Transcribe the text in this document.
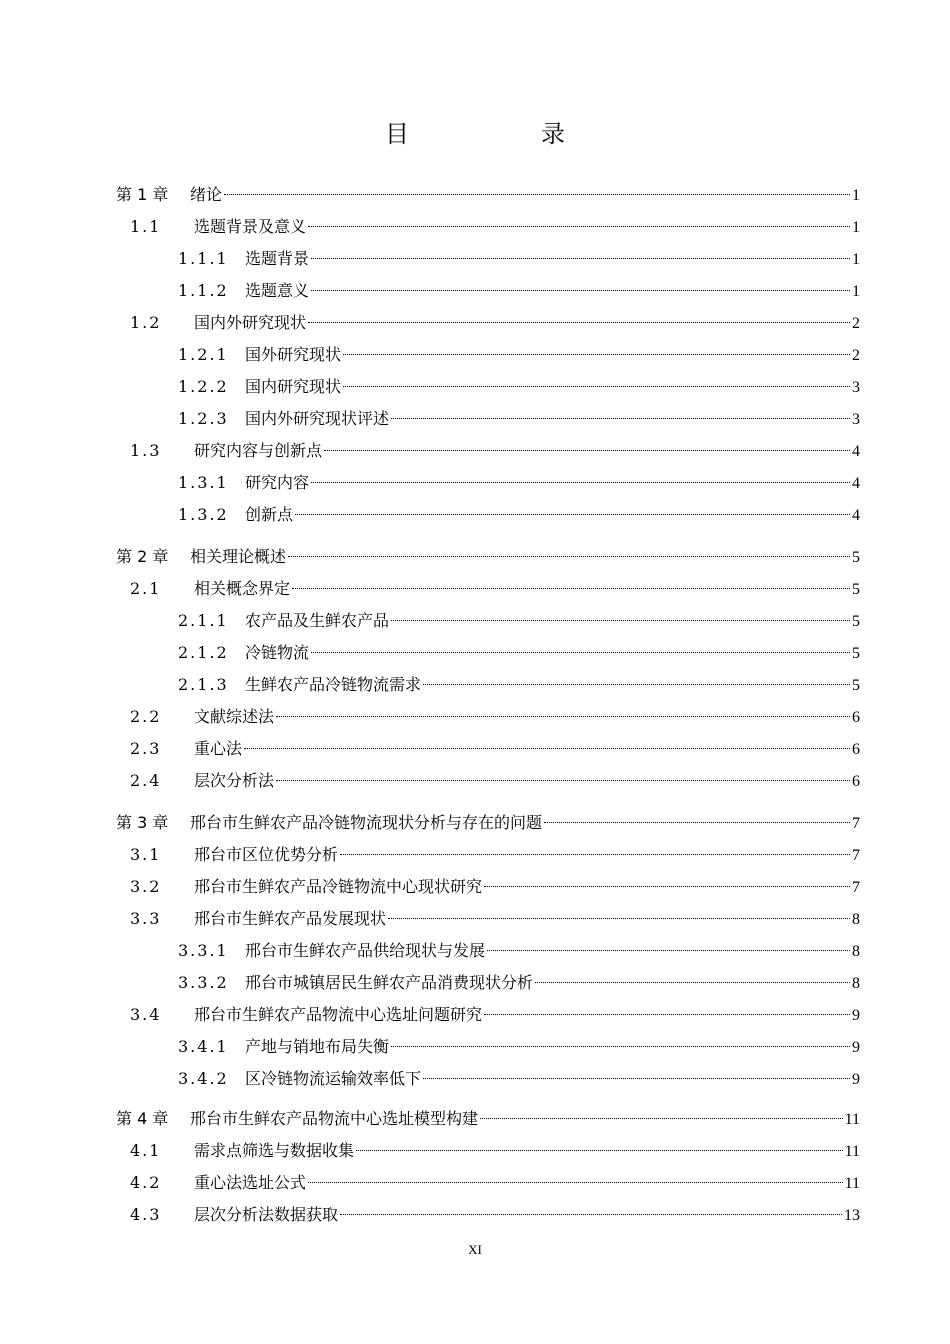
目　录
第 1 章	绪论	1
1.1	选题背景及意义	1
1.1.1	选题背景	1
1.1.2	选题意义	1
1.2	国内外研究现状	2
1.2.1	国外研究现状	2
1.2.2	国内研究现状	3
1.2.3	国内外研究现状评述	3
1.3	研究内容与创新点	4
1.3.1	研究内容	4
1.3.2	创新点	4
第 2 章	相关理论概述	5
2.1	相关概念界定	5
2.1.1	农产品及生鲜农产品	5
2.1.2	冷链物流	5
2.1.3	生鲜农产品冷链物流需求	5
2.2	文献综述法	6
2.3	重心法	6
2.4	层次分析法	6
第 3 章	邢台市生鲜农产品冷链物流现状分析与存在的问题	7
3.1	邢台市区位优势分析	7
3.2	邢台市生鲜农产品冷链物流中心现状研究	7
3.3	邢台市生鲜农产品发展现状	8
3.3.1	邢台市生鲜农产品供给现状与发展	8
3.3.2	邢台市城镇居民生鲜农产品消费现状分析	8
3.4	邢台市生鲜农产品物流中心选址问题研究	9
3.4.1	产地与销地布局失衡	9
3.4.2	区冷链物流运输效率低下	9
第 4 章	邢台市生鲜农产品物流中心选址模型构建	11
4.1	需求点筛选与数据收集	11
4.2	重心法选址公式	11
4.3	层次分析法数据获取	13
XI
